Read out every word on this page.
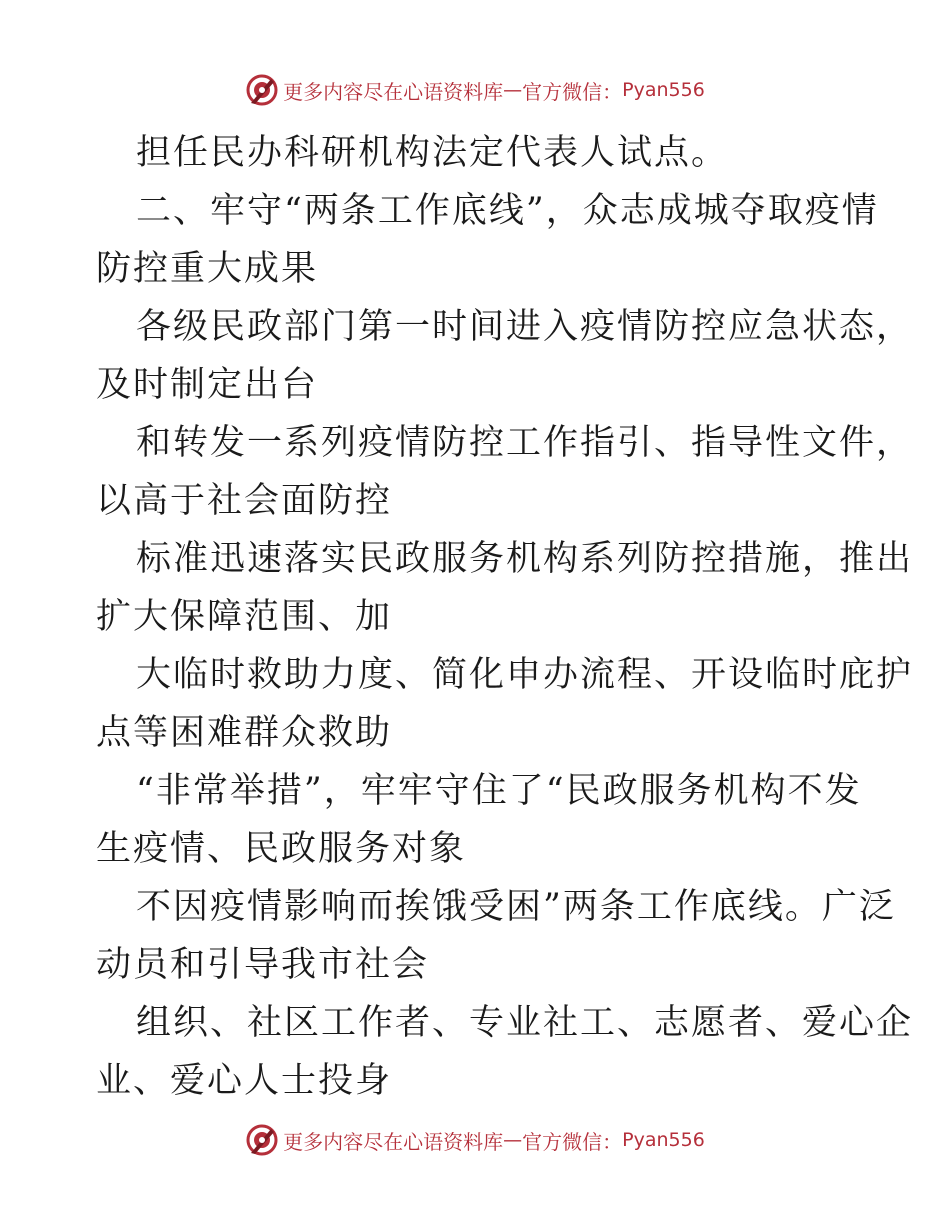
更多内容尽在心语资料库 — 官方微信： Pyan556
担任民办科研机构法定代表人试点。
二、牢守“两条工作底线”，众志成城夺取疫情
防控重大成果
各级民政部门第一时间进入疫情防控应急状态，
及时制定出台
和转发一系列疫情防控工作指引、指导性文件，
以高于社会面防控
标准迅速落实民政服务机构系列防控措施，推出
扩大保障范围、加
大临时救助力度、简化申办流程、开设临时庇护
点等困难群众救助
“非常举措”，牢牢守住了“民政服务机构不发
生疫情、民政服务对象
不因疫情影响而挨饿受困”两条工作底线。广泛
动员和引导我市社会
组织、社区工作者、专业社工、志愿者、爱心企
业、爱心人士投身
更多内容尽在心语资料库 — 官方微信： Pyan556
